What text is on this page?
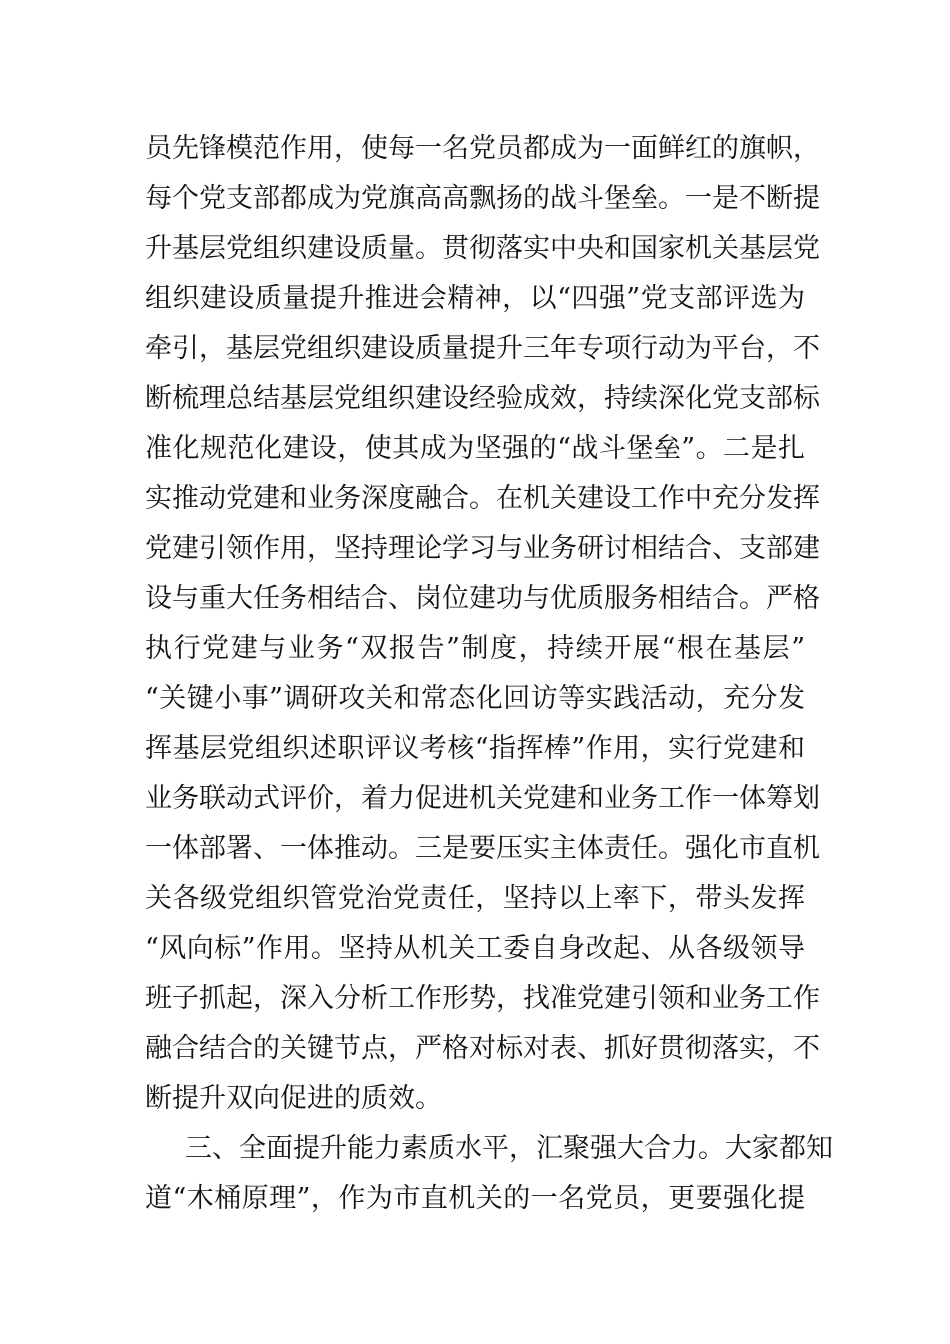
员先锋模范作用，使每一名党员都成为一面鲜红的旗帜，
每个党支部都成为党旗高高飘扬的战斗堡垒。一是不断提
升基层党组织建设质量。贯彻落实中央和国家机关基层党
组织建设质量提升推进会精神，以“四强”党支部评选为
牵引，基层党组织建设质量提升三年专项行动为平台，不
断梳理总结基层党组织建设经验成效，持续深化党支部标
准化规范化建设，使其成为坚强的“战斗堡垒”。二是扎
实推动党建和业务深度融合。在机关建设工作中充分发挥
党建引领作用，坚持理论学习与业务研讨相结合、支部建
设与重大任务相结合、岗位建功与优质服务相结合。严格
执行党建与业务“双报告”制度，持续开展“根在基层”
“关键小事”调研攻关和常态化回访等实践活动，充分发
挥基层党组织述职评议考核“指挥棒”作用，实行党建和
业务联动式评价，着力促进机关党建和业务工作一体筹划
一体部署、一体推动。三是要压实主体责任。强化市直机
关各级党组织管党治党责任，坚持以上率下，带头发挥
“风向标”作用。坚持从机关工委自身改起、从各级领导
班子抓起，深入分析工作形势，找准党建引领和业务工作
融合结合的关键节点，严格对标对表、抓好贯彻落实，不
断提升双向促进的质效。
三、全面提升能力素质水平，汇聚强大合力。大家都知
道“木桶原理”，作为市直机关的一名党员，更要强化提
